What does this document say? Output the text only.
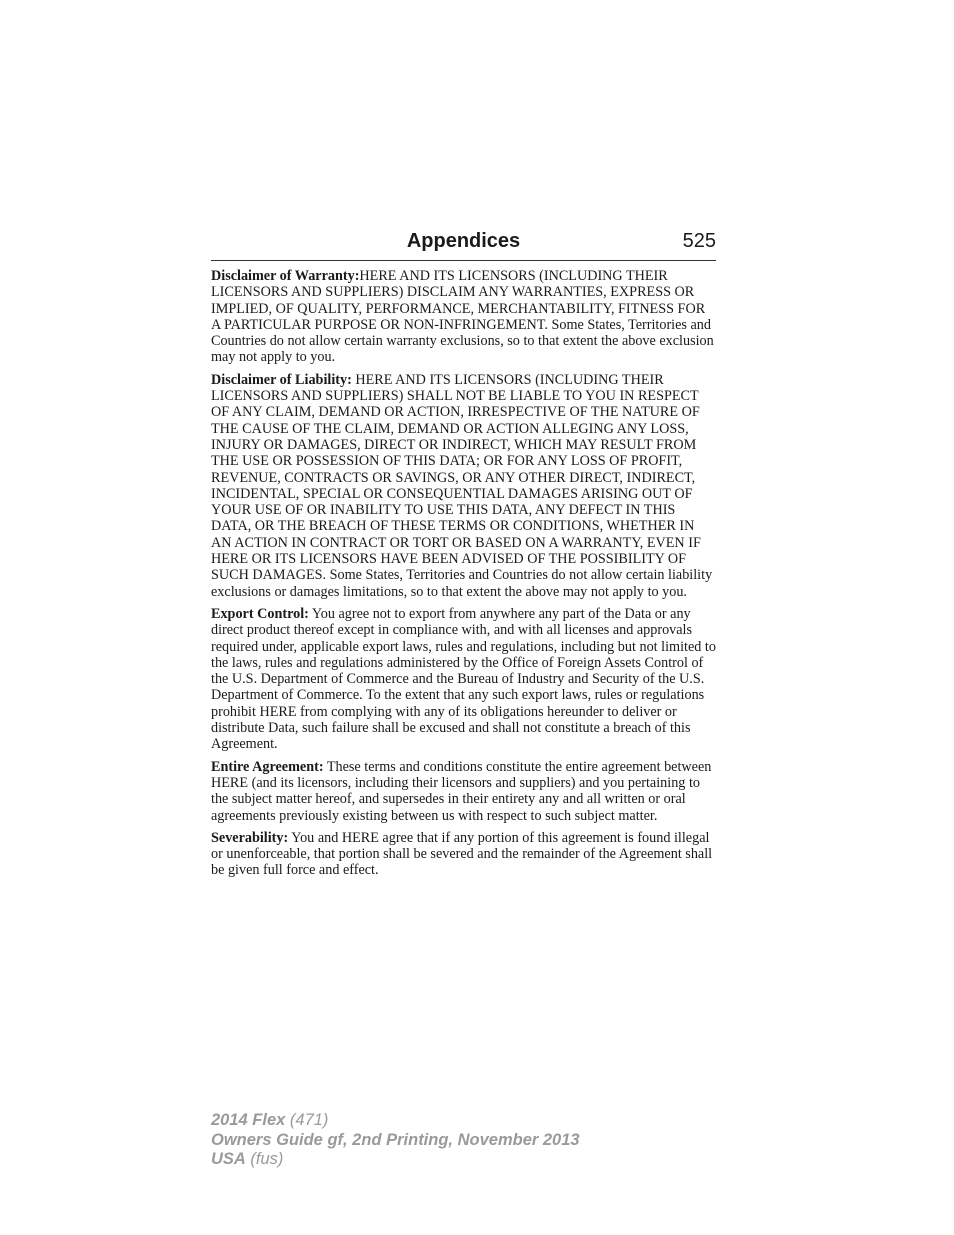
Appendices	525

Disclaimer of Warranty:HERE AND ITS LICENSORS (INCLUDING THEIR LICENSORS AND SUPPLIERS) DISCLAIM ANY WARRANTIES, EXPRESS OR IMPLIED, OF QUALITY, PERFORMANCE, MERCHANTABILITY, FITNESS FOR A PARTICULAR PURPOSE OR NON-INFRINGEMENT. Some States, Territories and Countries do not allow certain warranty exclusions, so to that extent the above exclusion may not apply to you.

Disclaimer of Liability: HERE AND ITS LICENSORS (INCLUDING THEIR LICENSORS AND SUPPLIERS) SHALL NOT BE LIABLE TO YOU IN RESPECT OF ANY CLAIM, DEMAND OR ACTION, IRRESPECTIVE OF THE NATURE OF THE CAUSE OF THE CLAIM, DEMAND OR ACTION ALLEGING ANY LOSS, INJURY OR DAMAGES, DIRECT OR INDIRECT, WHICH MAY RESULT FROM THE USE OR POSSESSION OF THIS DATA; OR FOR ANY LOSS OF PROFIT, REVENUE, CONTRACTS OR SAVINGS, OR ANY OTHER DIRECT, INDIRECT, INCIDENTAL, SPECIAL OR CONSEQUENTIAL DAMAGES ARISING OUT OF YOUR USE OF OR INABILITY TO USE THIS DATA, ANY DEFECT IN THIS DATA, OR THE BREACH OF THESE TERMS OR CONDITIONS, WHETHER IN AN ACTION IN CONTRACT OR TORT OR BASED ON A WARRANTY, EVEN IF HERE OR ITS LICENSORS HAVE BEEN ADVISED OF THE POSSIBILITY OF SUCH DAMAGES. Some States, Territories and Countries do not allow certain liability exclusions or damages limitations, so to that extent the above may not apply to you.

Export Control: You agree not to export from anywhere any part of the Data or any direct product thereof except in compliance with, and with all licenses and approvals required under, applicable export laws, rules and regulations, including but not limited to the laws, rules and regulations administered by the Office of Foreign Assets Control of the U.S. Department of Commerce and the Bureau of Industry and Security of the U.S. Department of Commerce. To the extent that any such export laws, rules or regulations prohibit HERE from complying with any of its obligations hereunder to deliver or distribute Data, such failure shall be excused and shall not constitute a breach of this Agreement.

Entire Agreement: These terms and conditions constitute the entire agreement between HERE (and its licensors, including their licensors and suppliers) and you pertaining to the subject matter hereof, and supersedes in their entirety any and all written or oral agreements previously existing between us with respect to such subject matter.

Severability: You and HERE agree that if any portion of this agreement is found illegal or unenforceable, that portion shall be severed and the remainder of the Agreement shall be given full force and effect.

2014 Flex (471)
Owners Guide gf, 2nd Printing, November 2013
USA (fus)
